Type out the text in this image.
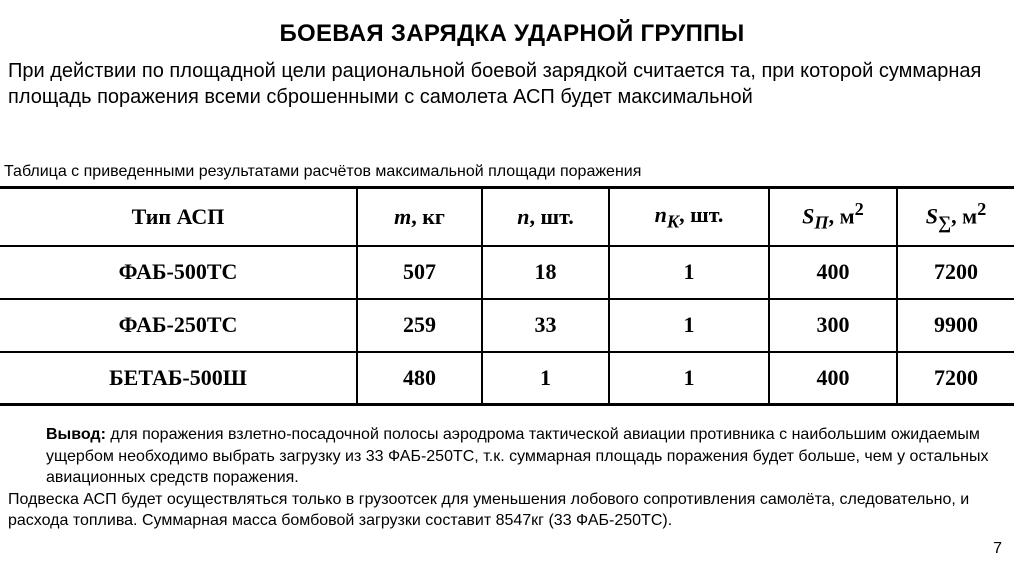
БОЕВАЯ ЗАРЯДКА УДАРНОЙ ГРУППЫ
При действии по площадной цели рациональной боевой зарядкой считается та, при которой суммарная площадь поражения всеми сброшенными с самолета АСП будет максимальной
Таблица с приведенными результатами расчётов максимальной площади поражения
Тип АСП	m, кг	n, шт.	$n_K$, шт.	$S_П$, $м^2$	$S_\sum$, $м^2$
ФАБ-500ТС	507	18	1	400	7200
ФАБ-250ТС	259	33	1	300	9900
БЕТАБ-500Ш	480	1	1	400	7200
Вывод: для поражения взлетно-посадочной полосы аэродрома тактической авиации противника с наибольшим ожидаемым ущербом необходимо выбрать загрузку из 33 ФАБ-250ТС, т.к. суммарная площадь поражения будет больше, чем у остальных авиационных средств поражения.
Подвеска АСП будет осуществляться только в грузоотсек для уменьшения лобового сопротивления самолёта, следовательно, и расхода топлива. Суммарная масса бомбовой загрузки составит 8547кг (33 ФАБ-250ТС).
7
